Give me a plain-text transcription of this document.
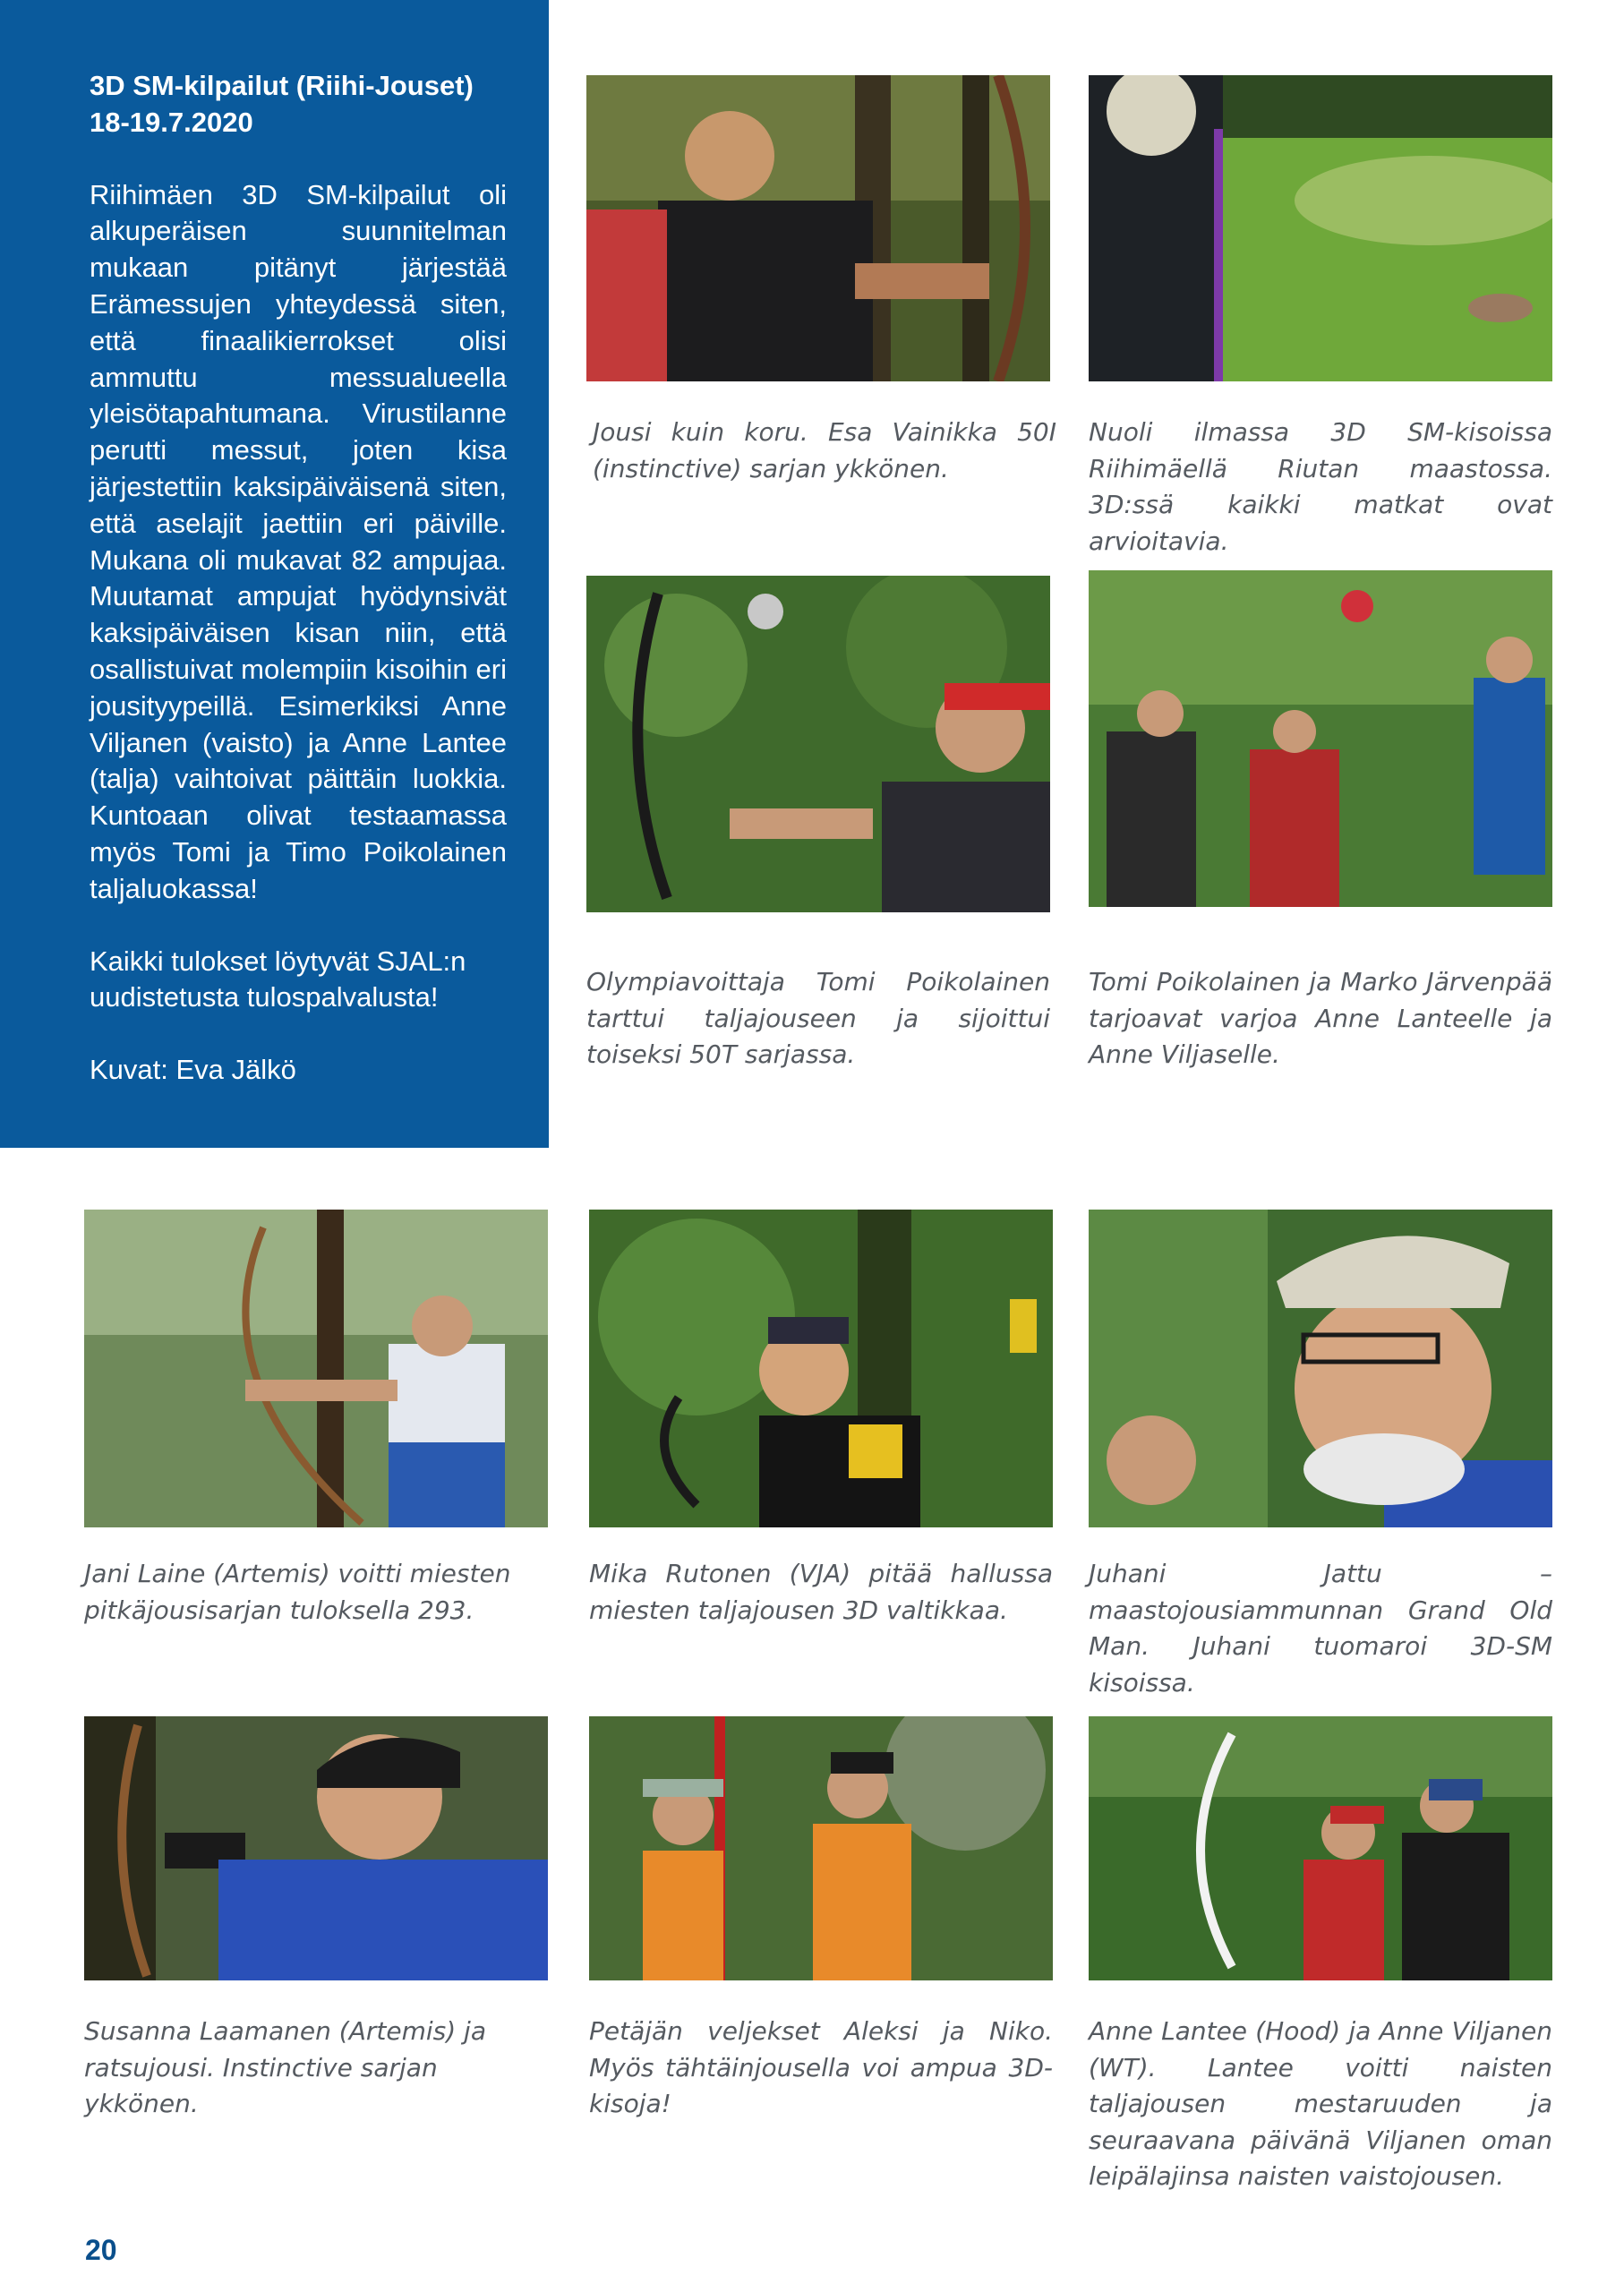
3D SM-kilpailut (Riihi-Jouset) 18-19.7.2020

Riihimäen 3D SM-kilpailut oli alkuperäisen suunnitelman mukaan pitänyt järjestää Erämessujen yhteydessä siten, että finaalikierrokset olisi ammuttu messualueella yleisötapahtumana. Virustilanne perutti messut, joten kisa järjestettiin kaksipäiväisenä siten, että aselajit jaettiin eri päiville. Mukana oli mukavat 82 ampujaa. Muutamat ampujat hyödynsivät kaksipäiväisen kisan niin, että osallistuivat molempiin kisoihin eri jousityypeillä. Esimerkiksi Anne Viljanen (vaisto) ja Anne Lantee (talja) vaihtoivat päittäin luokkia. Kuntoaan olivat testaamassa myös Tomi ja Timo Poikolainen taljaluokassa!

Kaikki tulokset löytyvät SJAL:n uudistetusta tulospalvalusta!

Kuvat: Eva Jälkö

Jousi kuin koru. Esa Vainikka 50I (instinctive) sarjan ykkönen.
Nuoli ilmassa 3D SM-kisoissa Riihimäellä Riutan maastossa. 3D:ssä kaikki matkat ovat arvioitavia.
Olympiavoittaja Tomi Poikolainen tarttui taljajouseen ja sijoittui toiseksi 50T sarjassa.
Tomi Poikolainen ja Marko Järvenpää tarjoavat varjoa Anne Lanteelle ja Anne Viljaselle.
Jani Laine (Artemis) voitti miesten pitkäjousisarjan tuloksella 293.
Mika Rutonen (VJA) pitää hallussa miesten taljajousen 3D valtikkaa.
Juhani Jattu – maastojousiammunnan Grand Old Man. Juhani tuomaroi 3D-SM kisoissa.
Susanna Laamanen (Artemis) ja ratsujousi. Instinctive sarjan ykkönen.
Petäjän veljekset Aleksi ja Niko. Myös tähtäinjousella voi ampua 3D-kisoja!
Anne Lantee (Hood) ja Anne Viljanen (WT). Lantee voitti naisten taljajousen mestaruuden ja seuraavana päivänä Viljanen oman leipälajinsa naisten vaistojousen.
20
